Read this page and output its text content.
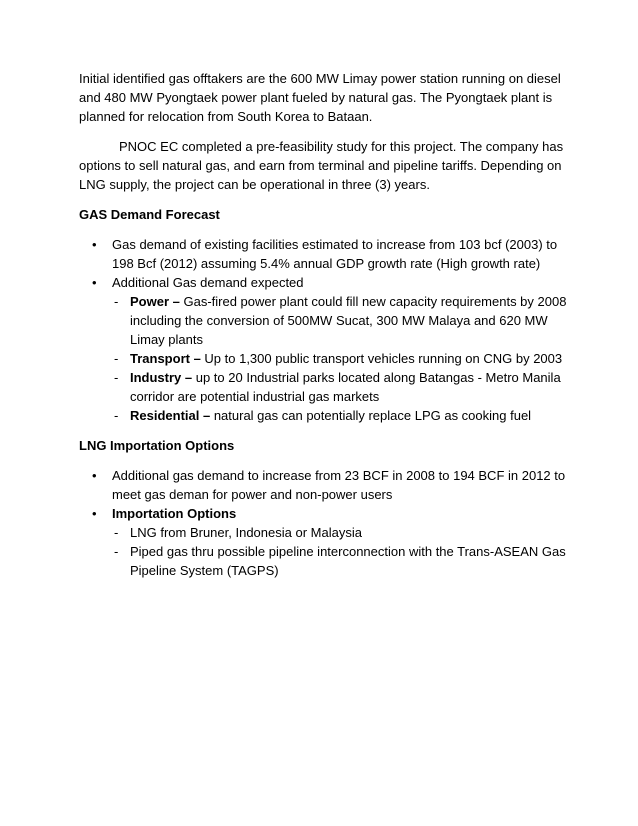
Initial identified gas offtakers are the 600 MW Limay power station running on diesel and 480 MW Pyongtaek power plant fueled by natural gas. The Pyongtaek plant is planned for relocation from South Korea to Bataan.

PNOC EC completed a pre-feasibility study for this project. The company has options to sell natural gas, and earn from terminal and pipeline tariffs. Depending on LNG supply, the project can be operational in three (3) years.

GAS Demand Forecast
• Gas demand of existing facilities estimated to increase from 103 bcf (2003) to 198 Bcf (2012) assuming 5.4% annual GDP growth rate (High growth rate)
• Additional Gas demand expected
- Power – Gas-fired power plant could fill new capacity requirements by 2008 including the conversion of 500MW Sucat, 300 MW Malaya and 620 MW Limay plants
- Transport – Up to 1,300 public transport vehicles running on CNG by 2003
- Industry – up to 20 Industrial parks located along Batangas - Metro Manila corridor are potential industrial gas markets
- Residential – natural gas can potentially replace LPG as cooking fuel
LNG Importation Options
• Additional gas demand to increase from 23 BCF in 2008 to 194 BCF in 2012 to meet gas deman for power and non-power users
• Importation Options
- LNG from Bruner, Indonesia or Malaysia
- Piped gas thru possible pipeline interconnection with the Trans-ASEAN Gas Pipeline System (TAGPS)
